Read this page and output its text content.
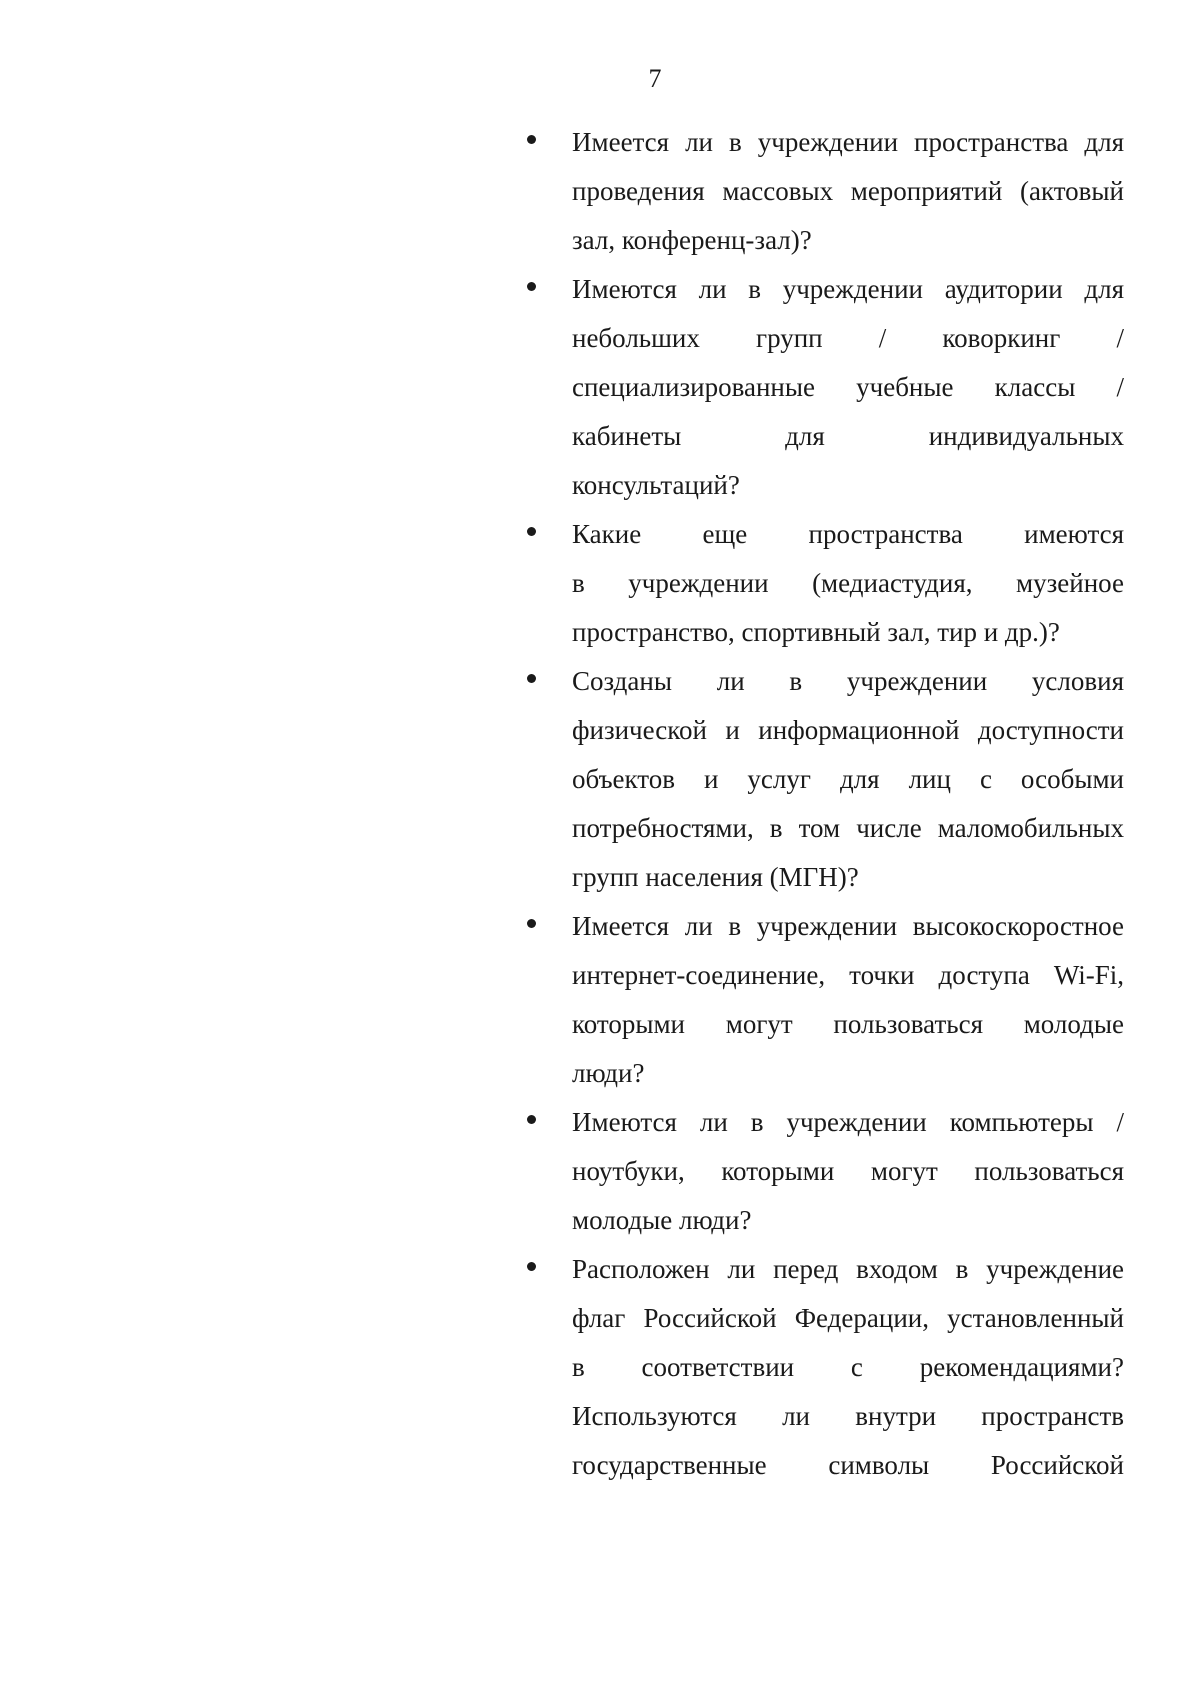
7
Имеется ли в учреждении пространства для
проведения массовых мероприятий (актовый
зал, конференц-зал)?
Имеются ли в учреждении аудитории для
небольших групп / коворкинг /
специализированные учебные классы /
кабинеты для индивидуальных
консультаций?
Какие еще пространства имеются
в учреждении (медиастудия, музейное
пространство, спортивный зал, тир и др.)?
Созданы ли в учреждении условия
физической и информационной доступности
объектов и услуг для лиц с особыми
потребностями, в том числе маломобильных
групп населения (МГН)?
Имеется ли в учреждении высокоскоростное
интернет-соединение, точки доступа Wi-Fi,
которыми могут пользоваться молодые
люди?
Имеются ли в учреждении компьютеры /
ноутбуки, которыми могут пользоваться
молодые люди?
Расположен ли перед входом в учреждение
флаг Российской Федерации, установленный
в соответствии с рекомендациями?
Используются ли внутри пространств
государственные символы Российской
